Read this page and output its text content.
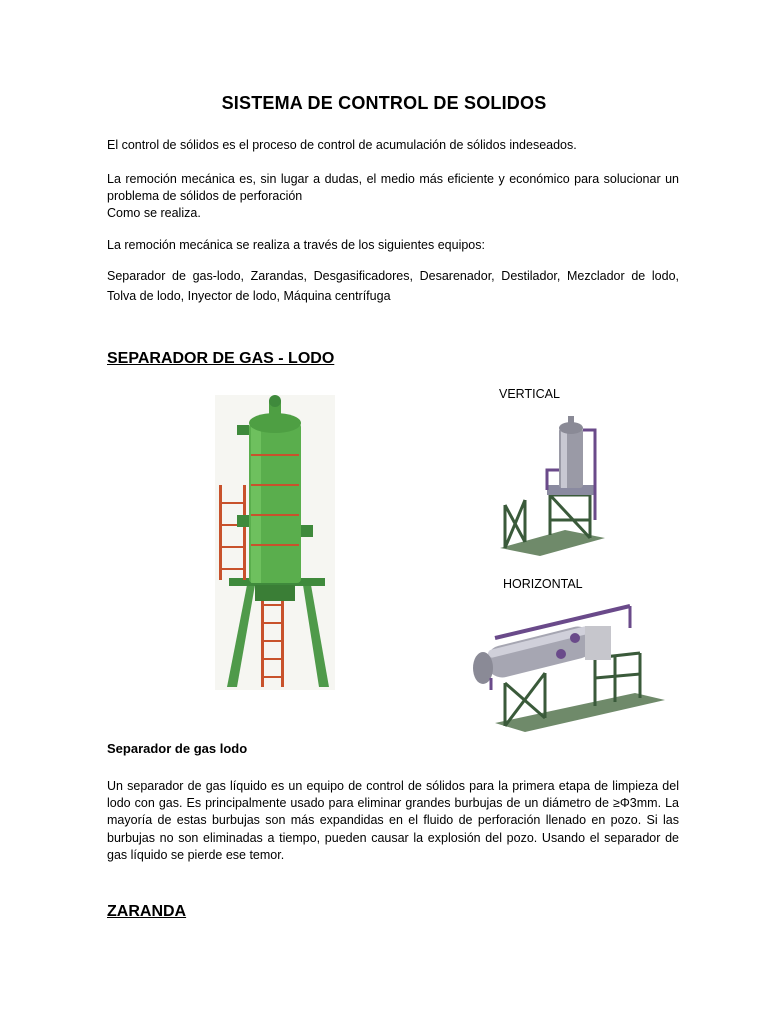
SISTEMA DE CONTROL DE SOLIDOS
El control de sólidos es el proceso de control de acumulación de sólidos indeseados.
La remoción mecánica es, sin lugar a dudas, el medio más eficiente y económico para solucionar un problema de sólidos de perforación
Como se realiza.
La remoción mecánica se realiza a través de los siguientes equipos:
Separador de gas-lodo, Zarandas, Desgasificadores, Desarenador, Destilador, Mezclador de lodo, Tolva de lodo, Inyector de lodo, Máquina centrífuga
SEPARADOR DE GAS - LODO
VERTICAL
HORIZONTAL
Separador de gas lodo
Un separador de gas líquido es un equipo de control de sólidos para la primera etapa de limpieza del lodo con gas. Es principalmente usado para eliminar grandes burbujas de un diámetro de ≥Φ3mm. La mayoría de estas burbujas son más expandidas en el fluido de perforación llenado en pozo. Si las burbujas no son eliminadas a tiempo, pueden causar la explosión del pozo. Usando el separador de gas líquido se pierde ese temor.
ZARANDA
